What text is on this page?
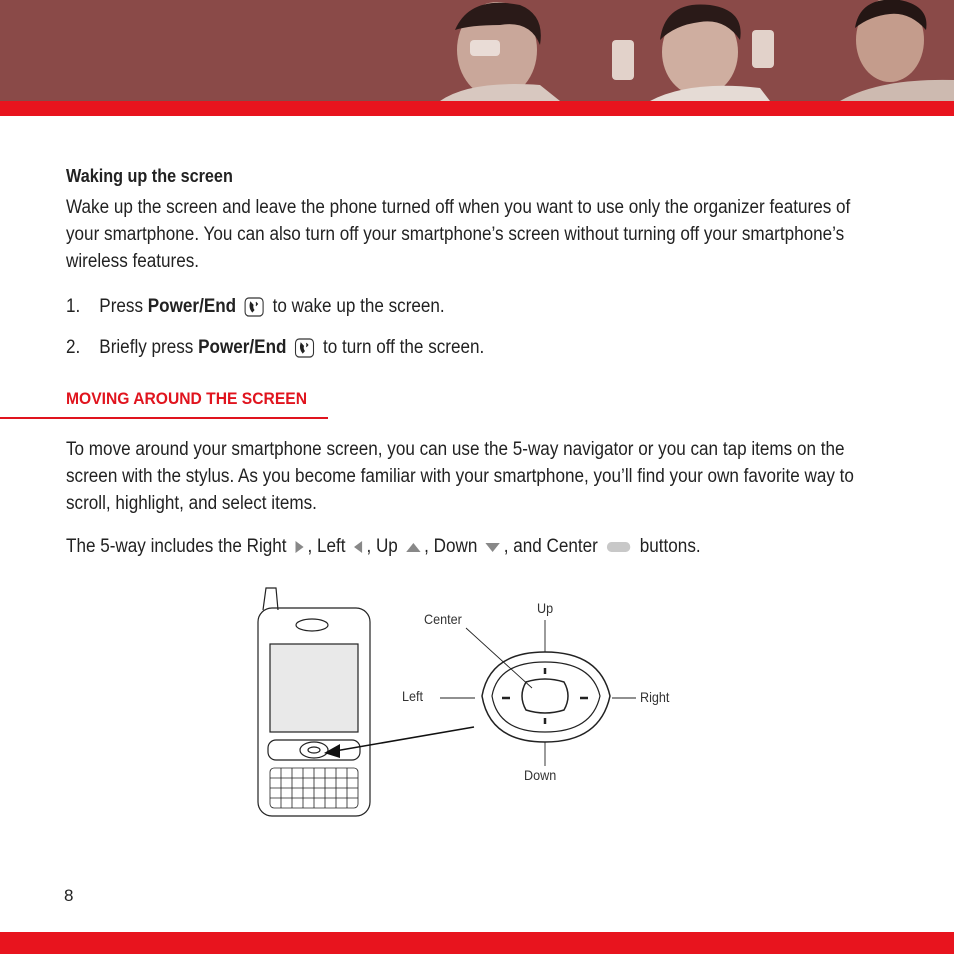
Waking up the screen
Wake up the screen and leave the phone turned off when you want to use only the organizer features of your smartphone. You can also turn off your smartphone’s screen without turning off your smartphone’s wireless features.
1. Press Power/End to wake up the screen.
2. Briefly press Power/End to turn off the screen.
MOVING AROUND THE SCREEN
To move around your smartphone screen, you can use the 5-way navigator or you can tap items on the screen with the stylus. As you become familiar with your smartphone, you’ll find your own favorite way to scroll, highlight, and select items.
The 5-way includes the Right , Left , Up , Down , and Center buttons.
Up
Center
Left	Right
Down
8
